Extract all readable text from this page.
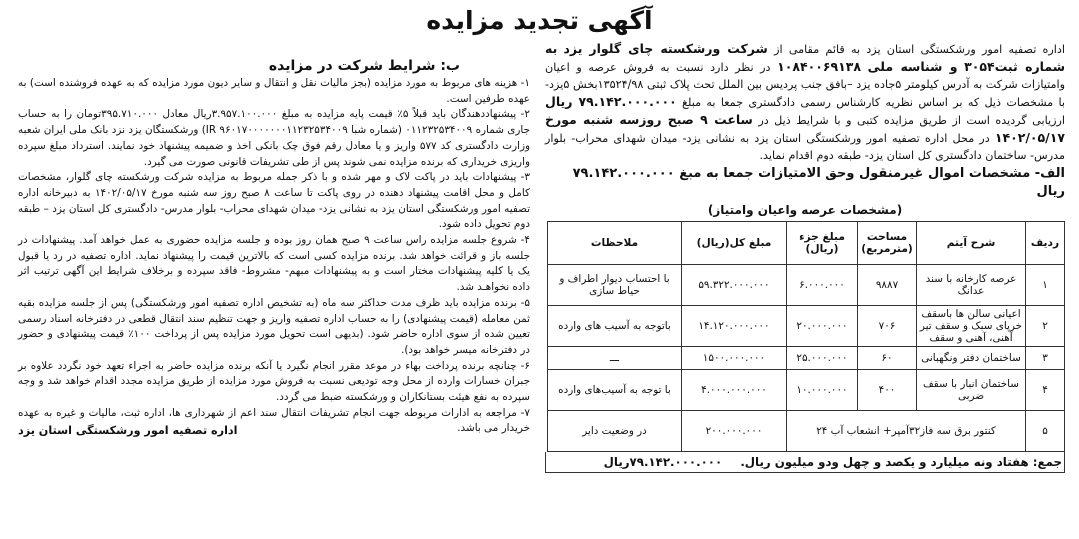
آگهی تجدید مزایده
اداره تصفیه امور ورشکستگی استان یزد به قائم مقامی از شرکت ورشکسته چای گلوار یزد به شماره ثبت۳۰۵۴ و شناسه ملی ۱۰۸۴۰۰۶۹۱۳۸ در نظر دارد نسبت به فروش عرصه و اعیان وامتیازات شرکت به آدرس کیلومتر ۵جاده یزد –بافق جنب پردیس بین الملل تحت پلاک ثبتی ۱۳۵۲۴/۹۸بخش ۵یزد-با مشخصات ذیل که بر اساس نظریه کارشناس رسمی دادگستری جمعا به مبلغ ۷۹.۱۴۲.۰۰۰.۰۰۰ ریال ارزیابی گردیده است از طریق مزایده کتبی و با شرایط ذیل در ساعت ۹ صبح روزسه شنبه مورخ ۱۴۰۲/۰۵/۱۷ در محل اداره تصفیه امور ورشکستگی استان یزد به نشانی یزد- میدان شهدای محراب- بلوار مدرس- ساختمان دادگستری کل استان یزد- طبقه دوم اقدام نماید.
الف- مشخصات اموال غیرمنقول وحق الامتیازات جمعا به مبغ ۷۹.۱۴۲.۰۰۰.۰۰۰ ریال
(مشخصات عرصه واعیان وامتیاز)
ردیف	شرح آیتم	مساحت (مترمربع)	مبلغ جزء (ریال)	مبلغ کل(ریال)	ملاحظات
۱	عرصه کارخانه با سند عدانگ	۹۸۸۷	۶.۰۰۰.۰۰۰	۵۹.۳۲۲.۰۰۰.۰۰۰	با احتساب دیوار اطراف و حیاط سازی
۲	اعیانی سالن ها باسقف خرپای سبک و سقف تیر آهنی، آهنی و سقف	۷۰۶	۲۰.۰۰۰.۰۰۰	۱۴.۱۲۰.۰۰۰.۰۰۰	باتوجه به آسیب های وارده
۳	ساختمان دفتر ونگهبانی	۶۰	۲۵.۰۰۰.۰۰۰	۱۵۰۰.۰۰۰.۰۰۰	ـــ
۴	ساختمان انبار با سقف ضربی	۴۰۰	۱۰.۰۰۰.۰۰۰	۴.۰۰۰.۰۰۰.۰۰۰	با توجه به آسیب‌های وارده
۵	کنتور برق سه فاز۳۲آمپر+ انشعاب آب ۲۴			۲۰۰.۰۰۰.۰۰۰	در وضعیت دایر
جمع: هفتاد ونه میلیارد و یکصد و چهل ودو میلیون ریال. ۷۹.۱۴۲.۰۰۰.۰۰۰ریال
ب: شرایط شرکت در مزایده

۱- هزینه های مربوط به مورد مزایده (بجز مالیات نقل و انتقال و سایر دیون مورد مزایده که به عهده فروشنده است) به عهده طرفین است.

۲- پیشنهاددهندگان باید قبلاً ۵٪ قیمت پایه مزایده به مبلغ ۳.۹۵۷.۱۰۰.۰۰۰ریال معادل ۳۹۵.۷۱۰.۰۰۰تومان را به حساب جاری شماره ۰۱۱۲۳۲۵۳۴۰۰۹ (شماره شبا IR ۹۶۰۱۷۰۰۰۰۰۰۰۱۱۲۳۲۵۳۴۰۰۹) ورشکستگان یزد نزد بانک ملی ایران شعبه وزارت دادگستری کد ۵۷۷ واریز و یا معادل رقم فوق چک بانکی اخذ و ضمیمه پیشنهاد خود نمایند. استرداد مبلغ سپرده واریزی خریداری که برنده مزایده نمی شوند پس از طی تشریفات قانونی صورت می گیرد.

۳- پیشنهادات باید در پاکت لاک و مهر شده و با ذکر جمله مربوط به مزایده شرکت ورشکسته چای گلوار، مشخصات کامل و محل اقامت پیشنهاد دهنده در روی پاکت تا ساعت ۸ صبح روز سه شنبه مورخ ۱۴۰۲/۰۵/۱۷ به دبیرخانه اداره تصفیه امور ورشکستگی استان یزد به نشانی یزد- میدان شهدای محراب- بلوار مدرس- دادگستری کل استان یزد – طبقه دوم تحویل داده شود.

۴- شروع جلسه مزایده راس ساعت ۹ صبح همان روز بوده و جلسه مزایده حضوری به عمل خواهد آمد. پیشنهادات در جلسه باز و قرائت خواهد شد. برنده مزایده کسی است که بالاترین قیمت را پیشنهاد نماید. اداره تصفیه در رد یا قبول یک یا کلیه پیشنهادات مختار است و به پیشنهادات مبهم- مشروط- فاقد سپرده و برخلاف شرایط این آگهی ترتیب اثر داده نخواهـد شد.

۵- برنده مزایده باید ظرف مدت حداکثر سه ماه (به تشخیص اداره تصفیه امور ورشکستگی) پس از جلسه مزایده بقیه ثمن معامله (قیمت پیشنهادی) را به حساب اداره تصفیه واریز و جهت تنظیم سند انتقال قطعی در دفترخانه اسناد رسمی تعیین شده از سوی اداره حاضر شود. (بدیهی است تحویل مورد مزایده پس از پرداخت ۱۰۰٪ قیمت پیشنهادی و حضور در دفترخانه میسر خواهد بود).

۶- چنانچه برنده پرداخت بهاء در موعد مقرر انجام نگیرد یا آنکه برنده مزایده حاضر به اجراء تعهد خود نگردد علاوه بر جبران خسارات وارده از محل وجه تودیعی نسبت به فروش مورد مزایده از طریق مزایده مجدد اقدام خواهد شد و وجه سپرده به نفع هیئت بستانکاران و ورشکسته ضبط می گردد.

۷- مراجعه به ادارات مربوطه جهت انجام تشریفات انتقال سند اعم از شهرداری ها، اداره ثبت، مالیات و غیره به عهده خریدار می باشد.
اداره تصفیه امور ورشکستگی استان یزد
